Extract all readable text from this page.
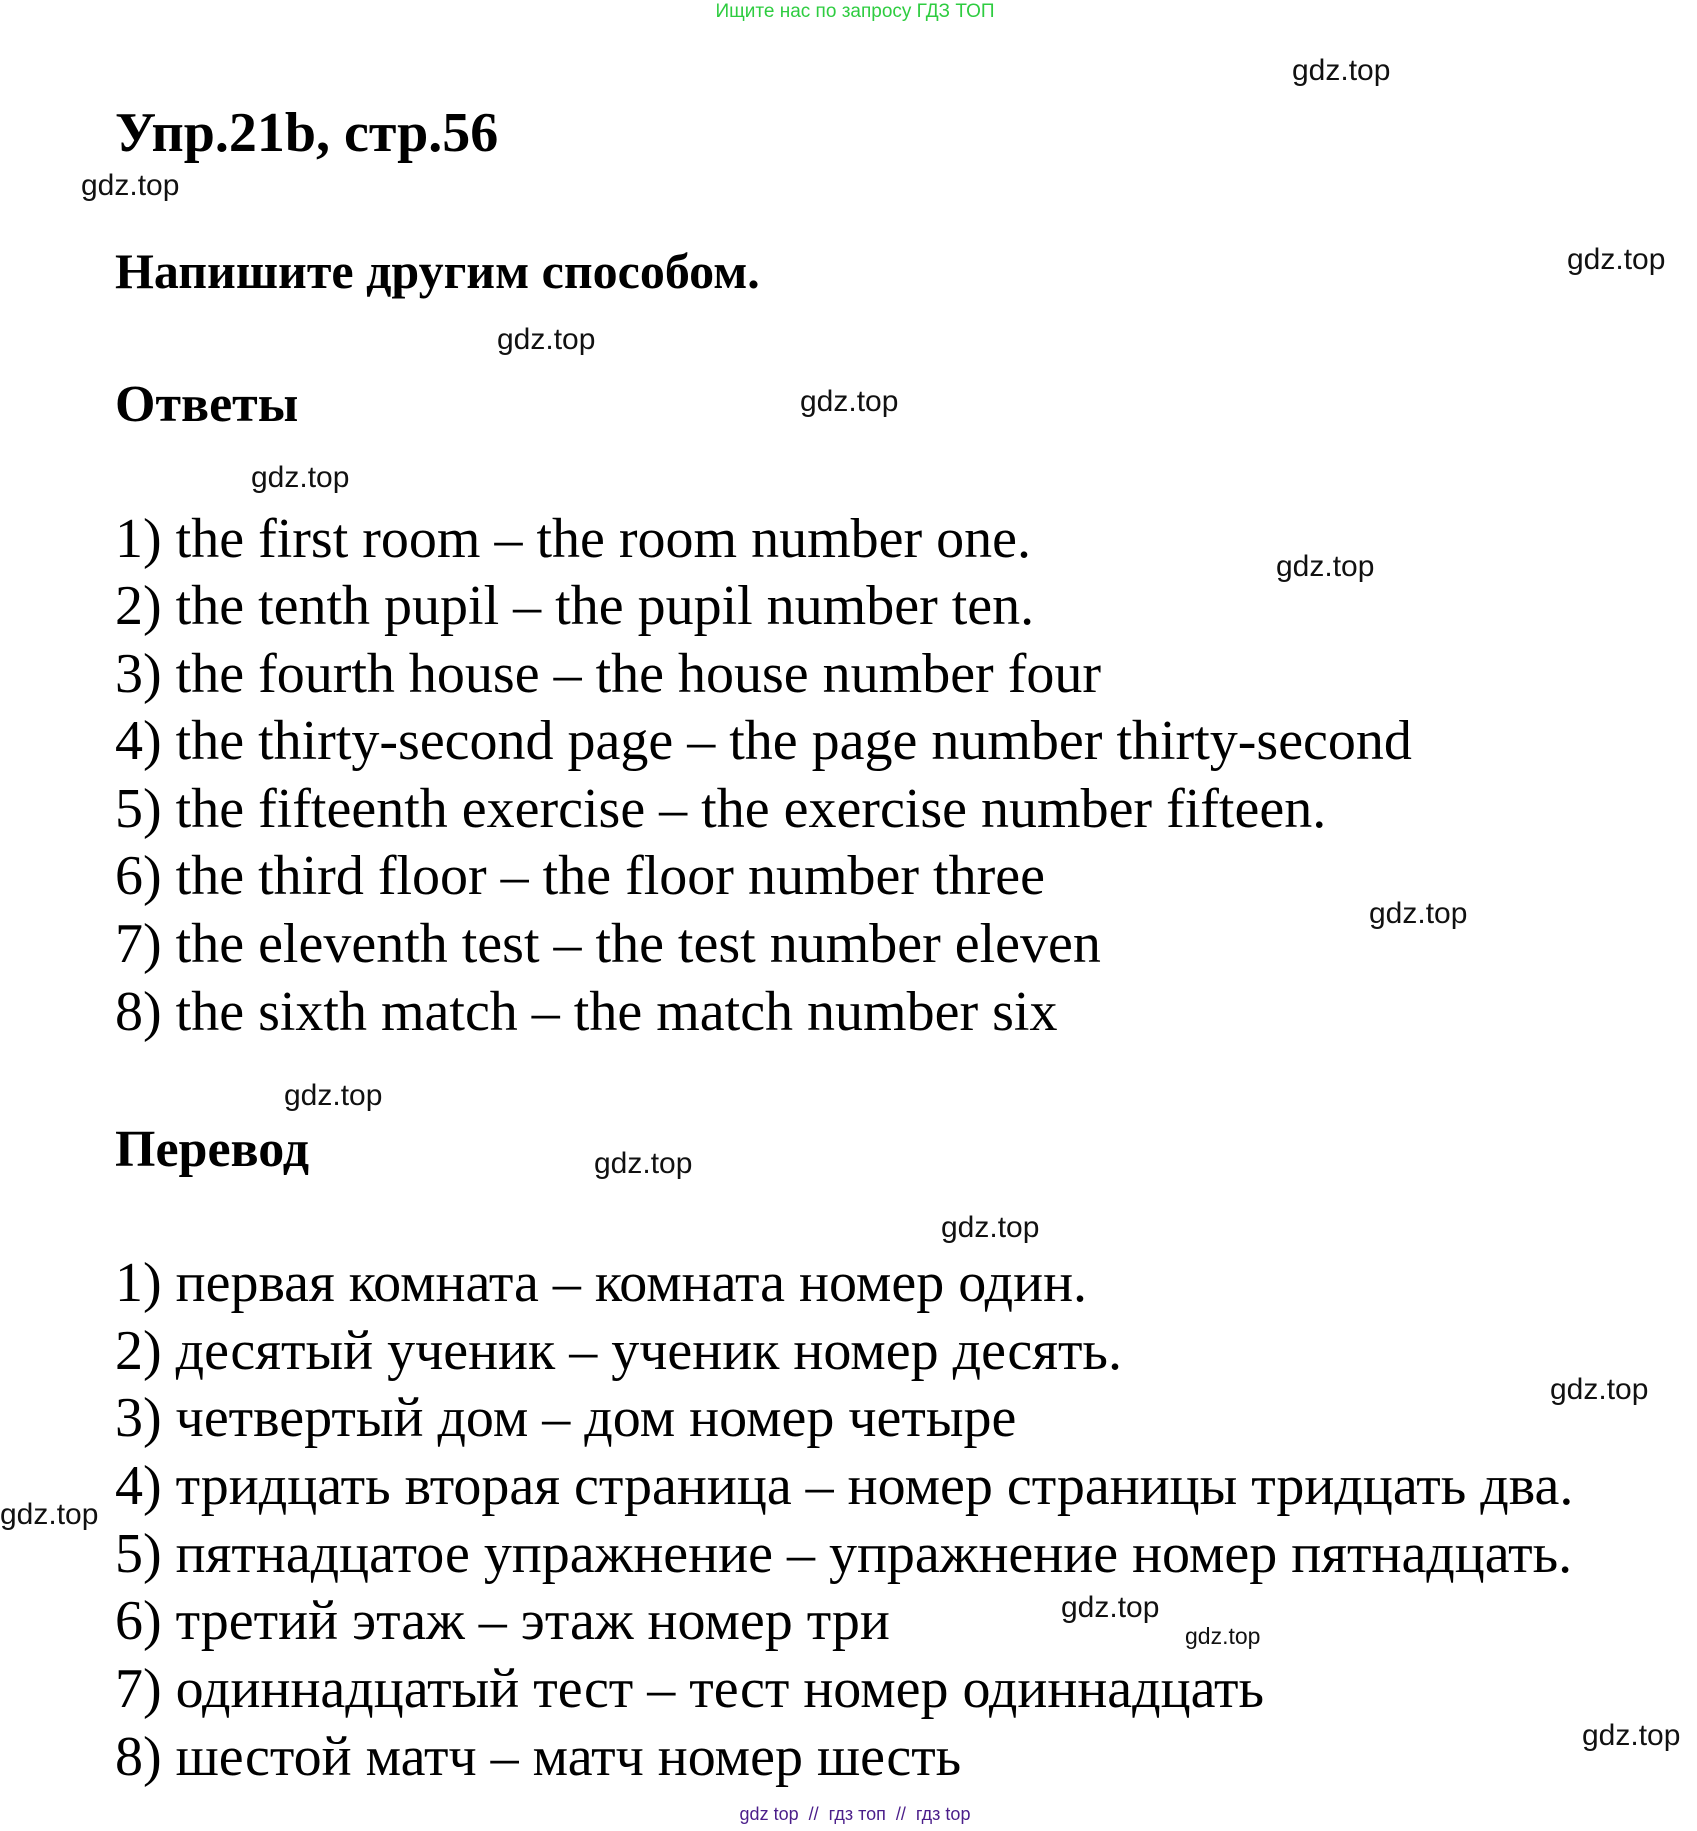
Ищите нас по запросу ГДЗ ТОП
Упр.21b, стр.56
Напишите другим способом.
Ответы
1) the first room – the room number one.
2) the tenth pupil – the pupil number ten.
3) the fourth house – the house number four
4) the thirty-second page – the page number thirty-second
5) the fifteenth exercise – the exercise number fifteen.
6) the third floor – the floor number three
7) the eleventh test – the test number eleven
8) the sixth match – the match number six
Перевод
1) первая комната – комната номер один.
2) десятый ученик – ученик номер десять.
3) четвертый дом – дом номер четыре
4) тридцать вторая страница – номер страницы тридцать два.
5) пятнадцатое упражнение – упражнение номер пятнадцать.
6) третий этаж – этаж номер три
7) одиннадцатый тест – тест номер одиннадцать
8) шестой матч – матч номер шесть
gdz.top
gdz.top
gdz.top
gdz.top
gdz.top
gdz.top
gdz.top
gdz.top
gdz.top
gdz.top
gdz.top
gdz.top
gdz.top
gdz.top
gdz.top
gdz.top
gdz top  //  гдз топ  //  гдз top
